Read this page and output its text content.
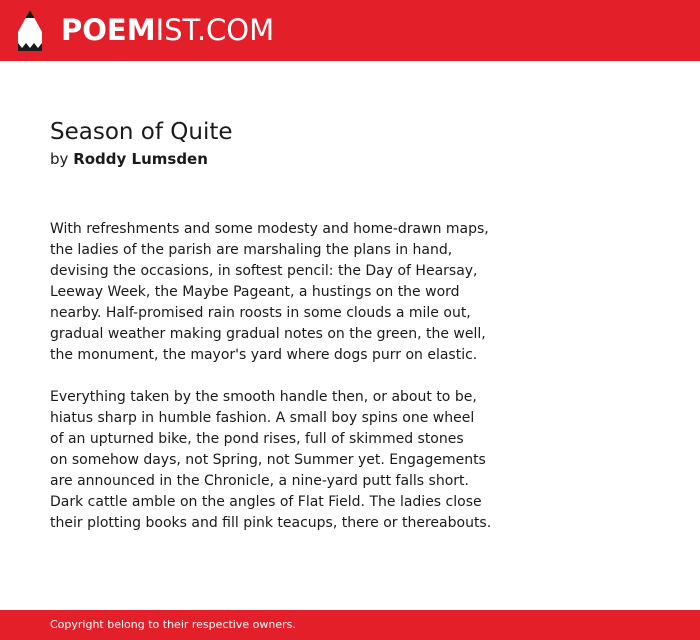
POEMIST.COM
Season of Quite
by Roddy Lumsden
With refreshments and some modesty and home-drawn maps,
the ladies of the parish are marshaling the plans in hand,
devising the occasions, in softest pencil: the Day of Hearsay,
Leeway Week, the Maybe Pageant, a hustings on the word
nearby. Half-promised rain roosts in some clouds a mile out,
gradual weather making gradual notes on the green, the well,
the monument, the mayor's yard where dogs purr on elastic.
Everything taken by the smooth handle then, or about to be,
hiatus sharp in humble fashion. A small boy spins one wheel
of an upturned bike, the pond rises, full of skimmed stones
on somehow days, not Spring, not Summer yet. Engagements
are announced in the Chronicle, a nine-yard putt falls short.
Dark cattle amble on the angles of Flat Field. The ladies close
their plotting books and fill pink teacups, there or thereabouts.
Copyright belong to their respective owners.
